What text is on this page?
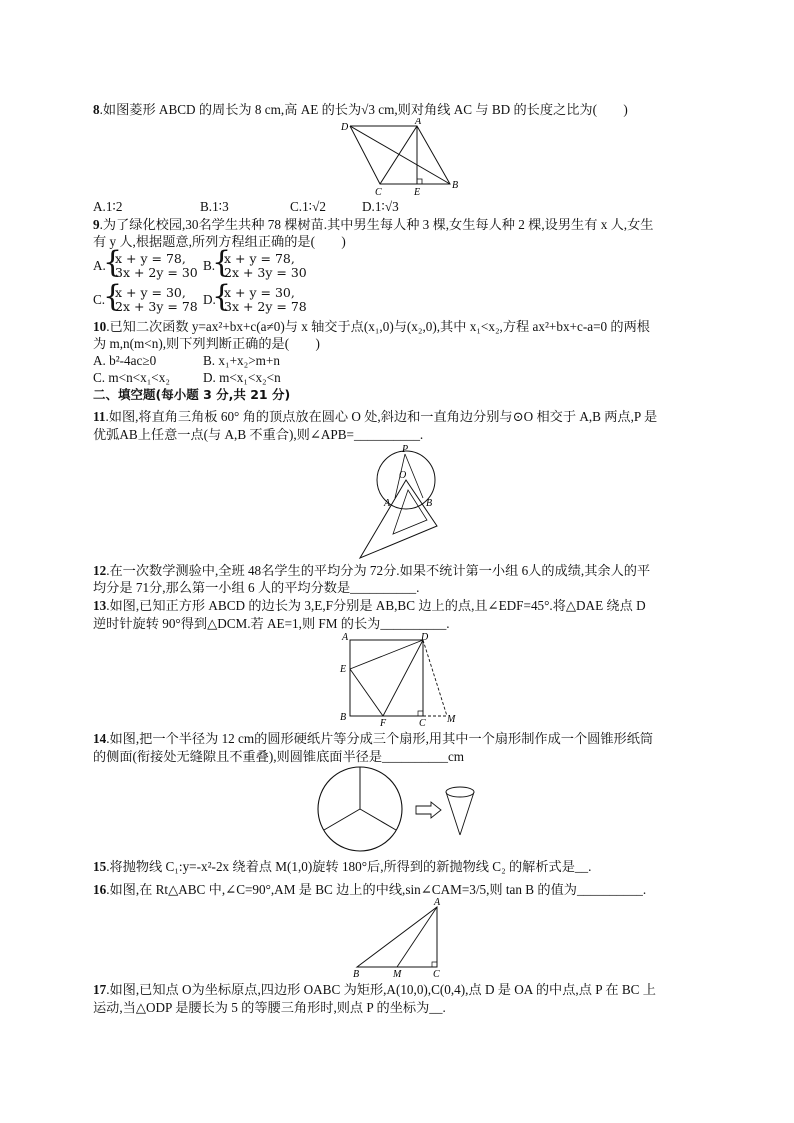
8.如图菱形 ABCD 的周长为 8 cm,高 AE 的长为√3 cm,则对角线 AC 与 BD 的长度之比为(　　)
D
A
C	E
B
A.1∶2	B.1∶3	C.1∶√2	D.1∶√3
9.为了绿化校园,30名学生共种 78 棵树苗.其中男生每人种 3 棵,女生每人种 2 棵,设男生有 x 人,女生
有 y 人,根据题意,所列方程组正确的是(　　)
A.
{
x + y = 78,
3x + 2y = 30 B.
{
x + y = 78,
2x + 3y = 30
C.
{
x + y = 30,
2x + 3y = 78 D.
{
x + y = 30,
3x + 2y = 78
10.已知二次函数 y=ax²+bx+c(a≠0)与 x 轴交于点(x₁,0)与(x₂,0),其中 x₁<x₂,方程 ax²+bx+c-a=0 的两根
为 m,n(m<n),则下列判断正确的是(　　)
A. b²-4ac≥0	B. x₁+x₂>m+n
C. m<n<x₁<x₂	D. m<x₁<x₂<n
二、填空题(每小题 3 分,共 21 分)
11.如图,将直角三角板 60° 角的顶点放在圆心 O 处,斜边和一直角边分别与⊙O 相交于 A,B 两点,P 是
优弧AB上任意一点(与 A,B 不重合),则∠APB=__________.
P
O
A	B
12.在一次数学测验中,全班 48名学生的平均分为 72分.如果不统计第一小组 6人的成绩,其余人的平
均分是 71分,那么第一小组 6 人的平均分数是__________.
13.如图,已知正方形 ABCD 的边长为 3,E,F分别是 AB,BC 边上的点,且∠EDF=45°.将△DAE 绕点 D
逆时针旋转 90°得到△DCM.若 AE=1,则 FM 的长为__________.
A	D
E
B
F	C M
14.如图,把一个半径为 12 cm的圆形硬纸片等分成三个扇形,用其中一个扇形制作成一个圆锥形纸筒
的侧面(衔接处无缝隙且不重叠),则圆锥底面半径是__________cm
15.将抛物线 C₁:y=-x²-2x 绕着点 M(1,0)旋转 180°后,所得到的新抛物线 C₂ 的解析式是__.
16.如图,在 Rt△ABC 中,∠C=90°,AM 是 BC 边上的中线,sin∠CAM=3/5,则 tan B 的值为__________.
A
B	M	C
17.如图,已知点 O为坐标原点,四边形 OABC 为矩形,A(10,0),C(0,4),点 D 是 OA 的中点,点 P 在 BC 上
运动,当△ODP 是腰长为 5 的等腰三角形时,则点 P 的坐标为__.
